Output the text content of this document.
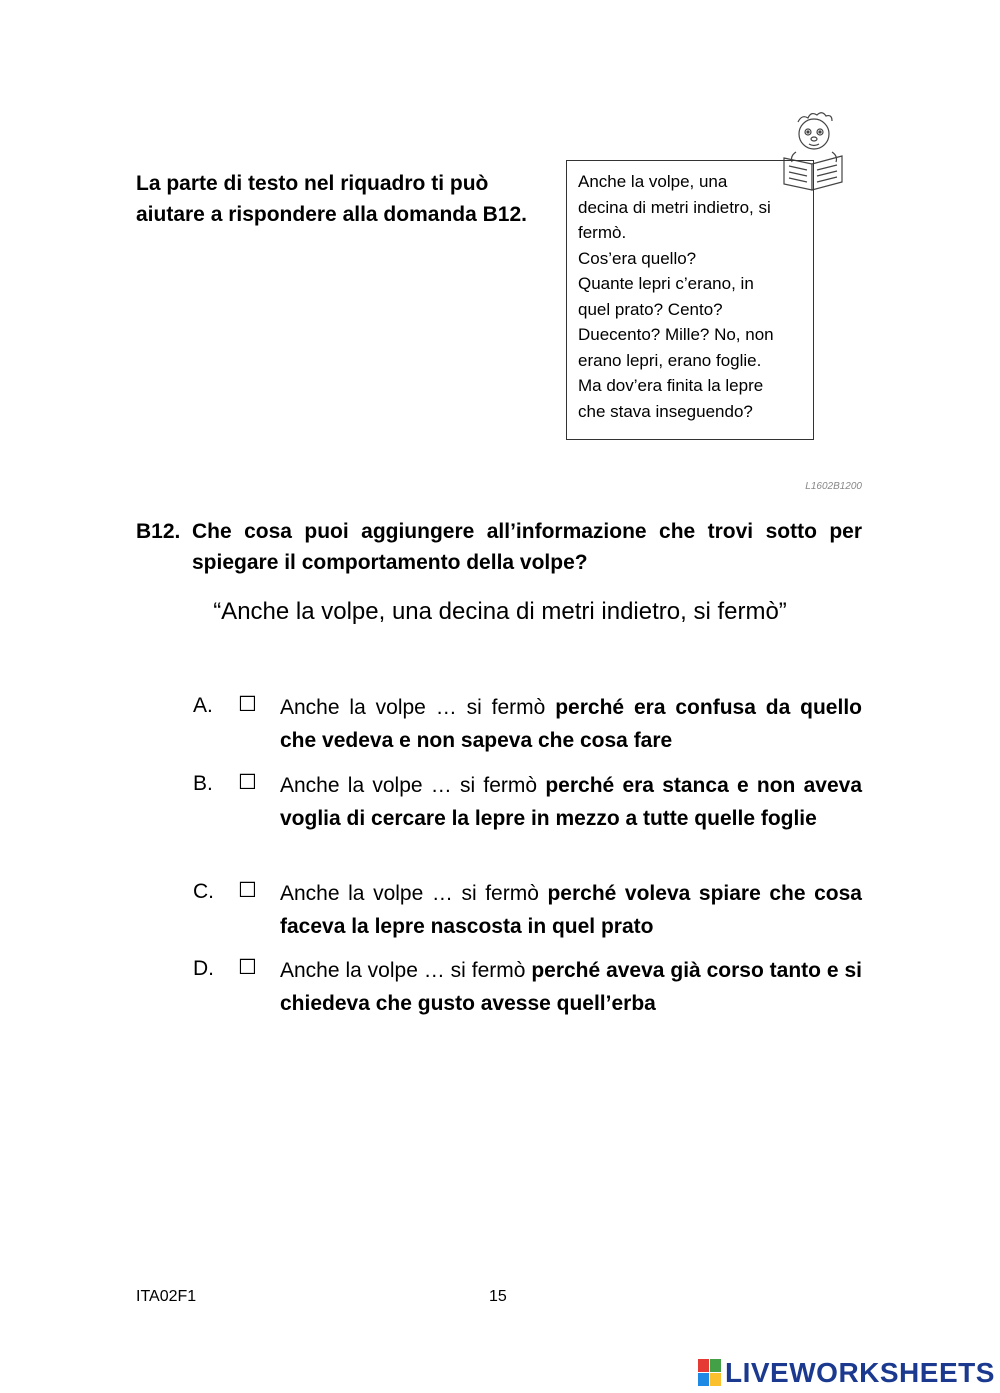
La parte di testo nel riquadro ti può
aiutare a rispondere alla domanda B12.
Anche la volpe, una
decina di metri indietro, si
fermò.
Cos’era quello?
Quante lepri c’erano, in
quel prato? Cento?
Duecento? Mille? No, non
erano lepri, erano foglie.
Ma dov’era finita la lepre
che stava inseguendo?
L1602B1200
B12. Che cosa puoi aggiungere all’informazione che trovi sotto per spiegare il comportamento della volpe?
“Anche la volpe, una decina di metri indietro, si fermò”
A. ☐ Anche la volpe … si fermò perché era confusa da quello che vedeva e non sapeva che cosa fare
B. ☐ Anche la volpe … si fermò perché era stanca e non aveva voglia di cercare la lepre in mezzo a tutte quelle foglie
C. ☐ Anche la volpe … si fermò perché voleva spiare che cosa faceva la lepre nascosta in quel prato
D. ☐ Anche la volpe … si fermò perché aveva già corso tanto e si chiedeva che gusto avesse quell’erba
ITA02F1	15
LIVEWORKSHEETS
